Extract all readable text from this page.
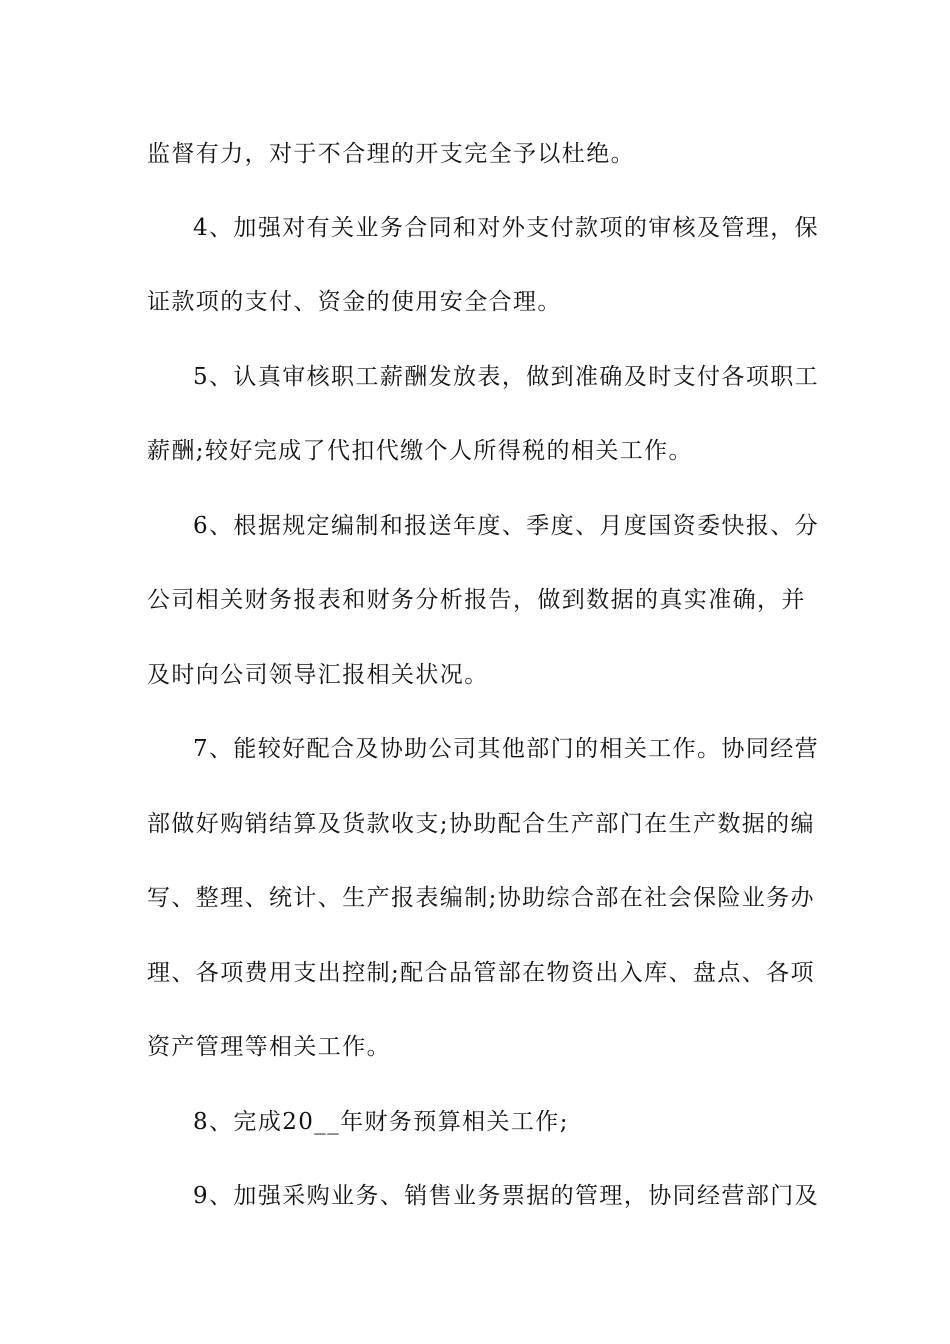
监督有力，对于不合理的开支完全予以杜绝。
4、加强对有关业务合同和对外支付款项的审核及管理，保
证款项的支付、资金的使用安全合理。
5、认真审核职工薪酬发放表，做到准确及时支付各项职工
薪酬;较好完成了代扣代缴个人所得税的相关工作。
6、根据规定编制和报送年度、季度、月度国资委快报、分
公司相关财务报表和财务分析报告，做到数据的真实准确，并
及时向公司领导汇报相关状况。
7、能较好配合及协助公司其他部门的相关工作。协同经营
部做好购销结算及货款收支;协助配合生产部门在生产数据的编
写、整理、统计、生产报表编制;协助综合部在社会保险业务办
理、各项费用支出控制;配合品管部在物资出入库、盘点、各项
资产管理等相关工作。
8、完成20__年财务预算相关工作;
9、加强采购业务、销售业务票据的管理，协同经营部门及
